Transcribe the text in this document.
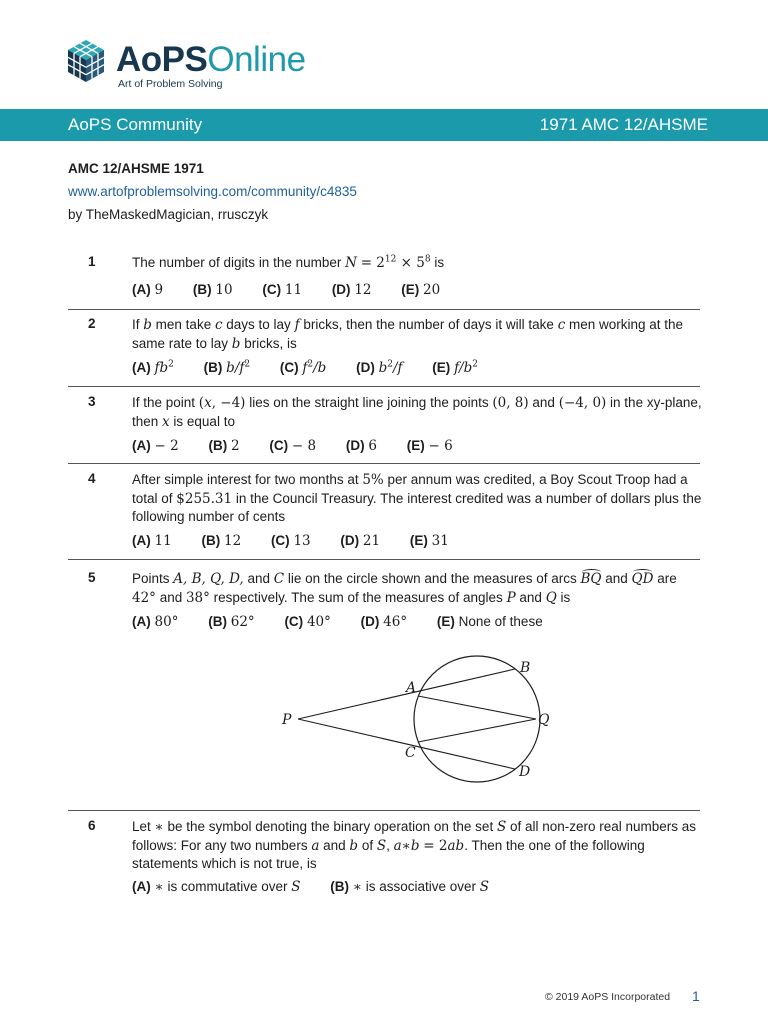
AoPSOnline
Art of Problem Solving
AoPS Community	1971 AMC 12/AHSME
AMC 12/AHSME 1971
www.artofproblemsolving.com/community/c4835
by TheMaskedMagician, rrusczyk
1	The number of digits in the number $N = 2^{12} \times 5^8$ is
(A) 9 (B) 10 (C) 11 (D) 12 (E) 20
2	If b men take c days to lay f bricks, then the number of days it will take c men working at the same rate to lay b bricks, is
(A) $fb^2$ (B) $b/f^2$ (C) $f^2/b$ (D) $b^2/f$ (E) $f/b^2$
3	If the point (x, −4) lies on the straight line joining the points (0, 8) and (−4, 0) in the xy-plane, then x is equal to
(A) − 2 (B) 2 (C) − 8 (D) 6 (E) − 6
4	After simple interest for two months at 5% per annum was credited, a Boy Scout Troop had a total of $255.31 in the Council Treasury. The interest credited was a number of dollars plus the following number of cents
(A) 11 (B) 12 (C) 13 (D) 21 (E) 31
5	Points A, B, Q, D, and C lie on the circle shown and the measures of arcs BQ and QD are 42° and 38° respectively. The sum of the measures of angles P and Q is
(A) 80° (B) 62° (C) 40° (D) 46° (E) None of these
P
A
B
Q
C
D
6	Let ∗ be the symbol denoting the binary operation on the set S of all non-zero real numbers as follows: For any two numbers a and b of S, a∗b = 2ab. Then the one of the following statements which is not true, is
(A) ∗ is commutative over S (B) ∗ is associative over S
© 2019 AoPS Incorporated 1
